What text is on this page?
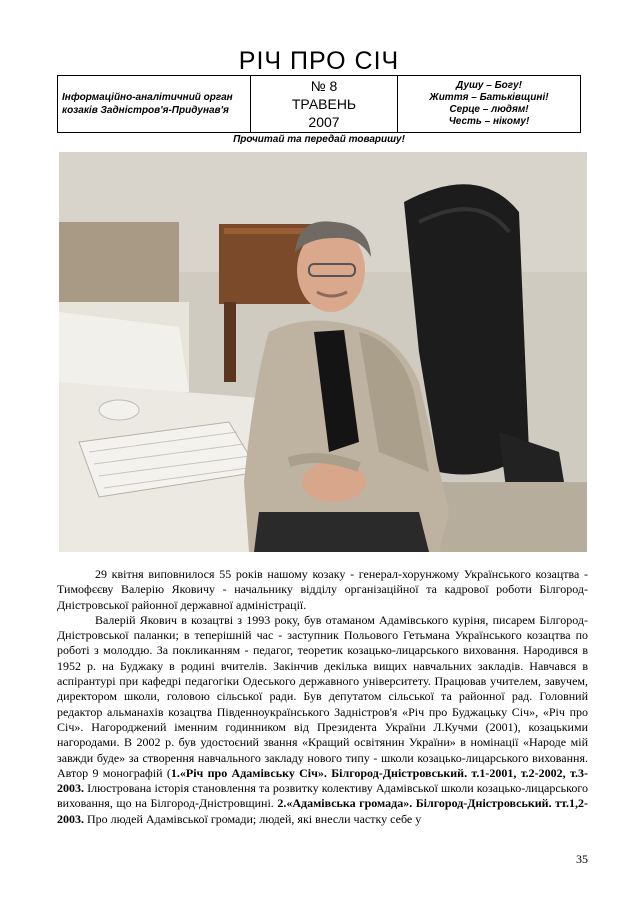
РІЧ ПРО СІЧ
Інформаційно-аналітичний орган
козаків Задністров'я-Придунав'я
№ 8
ТРАВЕНЬ
2007
Душу – Богу!
Життя – Батьківщині!
Серце – людям!
Честь – нікому!
Прочитай та передай товаришу!

29 квітня виповнилося 55 років нашому козаку - генерал-хорунжому Українського козацтва - Тимофєєву Валерію Яковичу - начальнику відділу організаційної та кадрової роботи Білгород-Дністровської районної державної адміністрації.

Валерій Якович в козацтві з 1993 року, був отаманом Адамівського куріня, писарем Білгород-Дністровської паланки; в теперішній час - заступник Польового Гетьмана Українського козацтва по роботі з молоддю. За покликанням - педагог, теоретик козацько-лицарського виховання. Народився в 1952 р. на Буджаку в родині вчителів. Закінчив декілька вищих навчальних закладів. Навчався в аспірантурі при кафедрі педагогіки Одеського державного університету. Працював учителем, завучем, директором школи, головою сільської ради. Був депутатом сільської та районної рад. Головний редактор альманахів козацтва Південноукраїнського Задністров'я «Річ про Буджацьку Січ», «Річ про Січ». Нагороджений іменним годинником від Президента України Л.Кучми (2001), козацькими нагородами. В 2002 р. був удостоєний звання «Кращий освітянин України» в номінації «Народе мій завжди буде» за створення навчального закладу нового типу - школи козацько-лицарського виховання. Автор 9 монографій (1.«Річ про Адамівську Січ». Білгород-Дністровський. т.1-2001, т.2-2002, т.3-2003. Ілюстрована історія становлення та розвитку колективу Адамівської школи козацько-лицарського виховання, що на Білгород-Дністровщині. 2.«Адамівська громада». Білгород-Дністровський. тт.1,2-2003. Про людей Адамівської громади; людей, які внесли частку себе у

35
